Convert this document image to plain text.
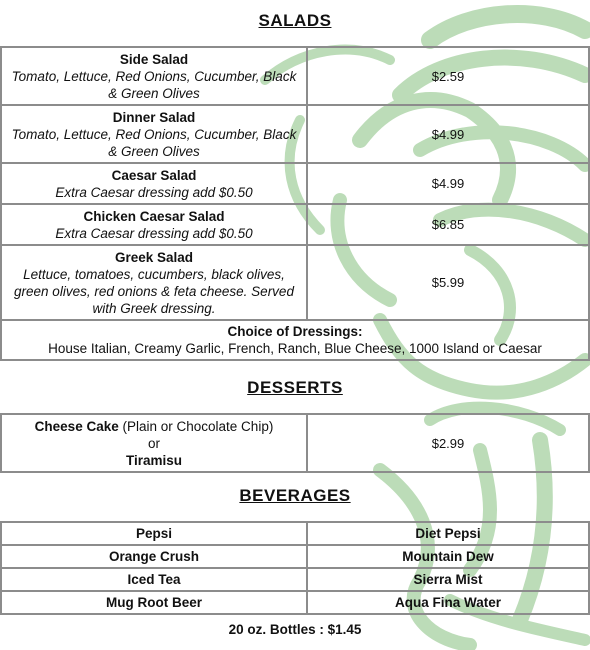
SALADS
Side Salad
Tomato, Lettuce, Red Onions, Cucumber, Black & Green Olives	$2.59
Dinner Salad
Tomato, Lettuce, Red Onions, Cucumber, Black & Green Olives	$4.99
Caesar Salad
Extra Caesar dressing add $0.50	$4.99
Chicken Caesar Salad
Extra Caesar dressing add $0.50	$6.85
Greek Salad
Lettuce, tomatoes, cucumbers, black olives, green olives, red onions & feta cheese. Served with Greek dressing.	$5.99

Choice of Dressings:
House Italian, Creamy Garlic, French, Ranch, Blue Cheese, 1000 Island or Caesar	
DESSERTS
Cheese Cake (Plain or Chocolate Chip)
or
Tiramisu	$2.99
BEVERAGES
Pepsi	Diet Pepsi
Orange Crush	Mountain Dew
Iced Tea	Sierra Mist
Mug Root Beer	Aqua Fina Water
20 oz. Bottles : $1.45
